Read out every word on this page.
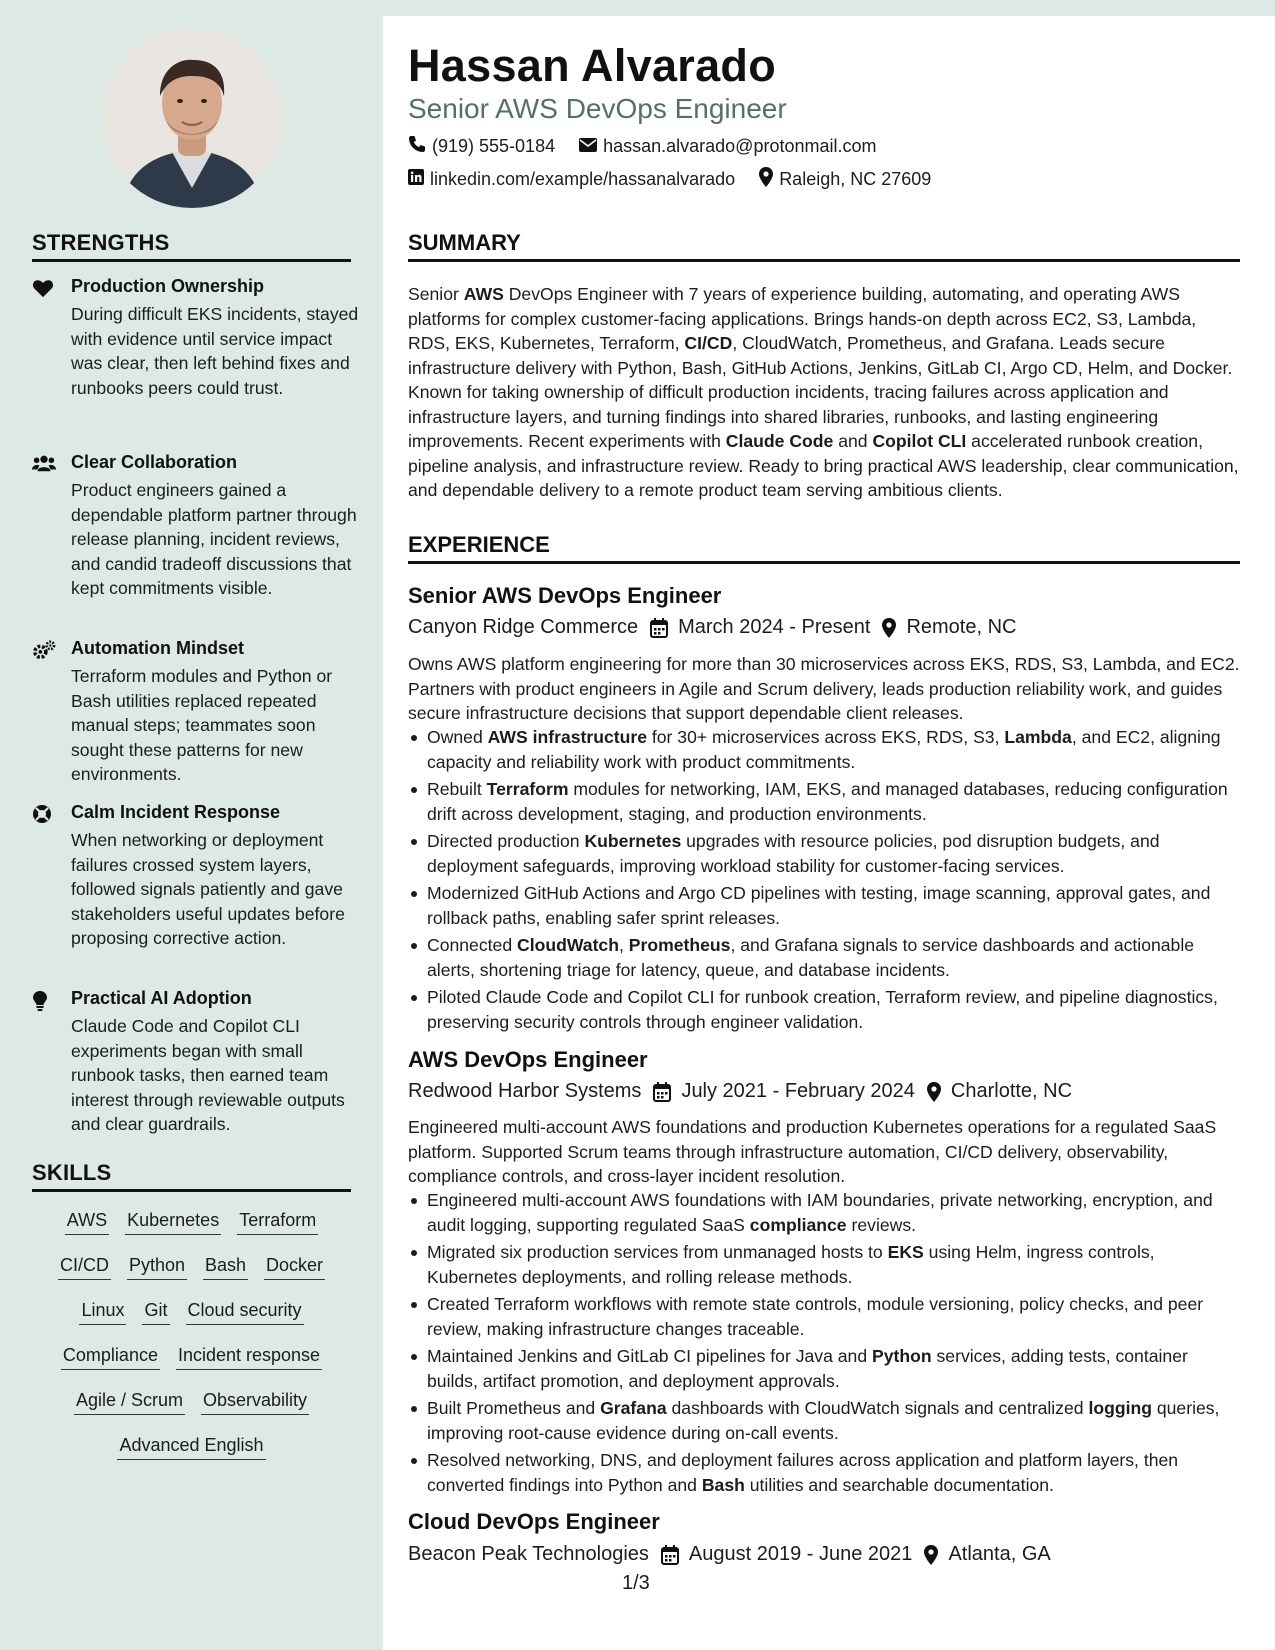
STRENGTHS
Production Ownership
During difficult EKS incidents, stayed with evidence until service impact was clear, then left behind fixes and runbooks peers could trust.
Clear Collaboration
Product engineers gained a dependable platform partner through release planning, incident reviews, and candid tradeoff discussions that kept commitments visible.
Automation Mindset
Terraform modules and Python or Bash utilities replaced repeated manual steps; teammates soon sought these patterns for new environments.
Calm Incident Response
When networking or deployment failures crossed system layers, followed signals patiently and gave stakeholders useful updates before proposing corrective action.
Practical AI Adoption
Claude Code and Copilot CLI experiments began with small runbook tasks, then earned team interest through reviewable outputs and clear guardrails.
SKILLS
AWS Kubernetes Terraform
CI/CD Python Bash Docker
Linux Git Cloud security
Compliance Incident response
Agile / Scrum Observability
Advanced English
Hassan Alvarado
Senior AWS DevOps Engineer
(919) 555-0184	hassan.alvarado@protonmail.com
linkedin.com/example/hassanalvarado Raleigh, NC 27609
SUMMARY
Senior AWS DevOps Engineer with 7 years of experience building, automating, and operating AWS platforms for complex customer-facing applications. Brings hands-on depth across EC2, S3, Lambda, RDS, EKS, Kubernetes, Terraform, CI/CD, CloudWatch, Prometheus, and Grafana. Leads secure infrastructure delivery with Python, Bash, GitHub Actions, Jenkins, GitLab CI, Argo CD, Helm, and Docker. Known for taking ownership of difficult production incidents, tracing failures across application and infrastructure layers, and turning findings into shared libraries, runbooks, and lasting engineering improvements. Recent experiments with Claude Code and Copilot CLI accelerated runbook creation, pipeline analysis, and infrastructure review. Ready to bring practical AWS leadership, clear communication, and dependable delivery to a remote product team serving ambitious clients.
EXPERIENCE
Senior AWS DevOps Engineer
Canyon Ridge Commerce March 2024 - Present Remote, NC
Owns AWS platform engineering for more than 30 microservices across EKS, RDS, S3, Lambda, and EC2. Partners with product engineers in Agile and Scrum delivery, leads production reliability work, and guides secure infrastructure decisions that support dependable client releases.
Owned AWS infrastructure for 30+ microservices across EKS, RDS, S3, Lambda, and EC2, aligning capacity and reliability work with product commitments.
Rebuilt Terraform modules for networking, IAM, EKS, and managed databases, reducing configuration drift across development, staging, and production environments.
Directed production Kubernetes upgrades with resource policies, pod disruption budgets, and deployment safeguards, improving workload stability for customer-facing services.
Modernized GitHub Actions and Argo CD pipelines with testing, image scanning, approval gates, and rollback paths, enabling safer sprint releases.
Connected CloudWatch, Prometheus, and Grafana signals to service dashboards and actionable alerts, shortening triage for latency, queue, and database incidents.
Piloted Claude Code and Copilot CLI for runbook creation, Terraform review, and pipeline diagnostics, preserving security controls through engineer validation.
AWS DevOps Engineer
Redwood Harbor Systems July 2021 - February 2024 Charlotte, NC
Engineered multi-account AWS foundations and production Kubernetes operations for a regulated SaaS platform. Supported Scrum teams through infrastructure automation, CI/CD delivery, observability, compliance controls, and cross-layer incident resolution.
Engineered multi-account AWS foundations with IAM boundaries, private networking, encryption, and audit logging, supporting regulated SaaS compliance reviews.
Migrated six production services from unmanaged hosts to EKS using Helm, ingress controls, Kubernetes deployments, and rolling release methods.
Created Terraform workflows with remote state controls, module versioning, policy checks, and peer review, making infrastructure changes traceable.
Maintained Jenkins and GitLab CI pipelines for Java and Python services, adding tests, container builds, artifact promotion, and deployment approvals.
Built Prometheus and Grafana dashboards with CloudWatch signals and centralized logging queries, improving root-cause evidence during on-call events.
Resolved networking, DNS, and deployment failures across application and platform layers, then converted findings into Python and Bash utilities and searchable documentation.
Cloud DevOps Engineer
Beacon Peak Technologies August 2019 - June 2021 Atlanta, GA
1/3
